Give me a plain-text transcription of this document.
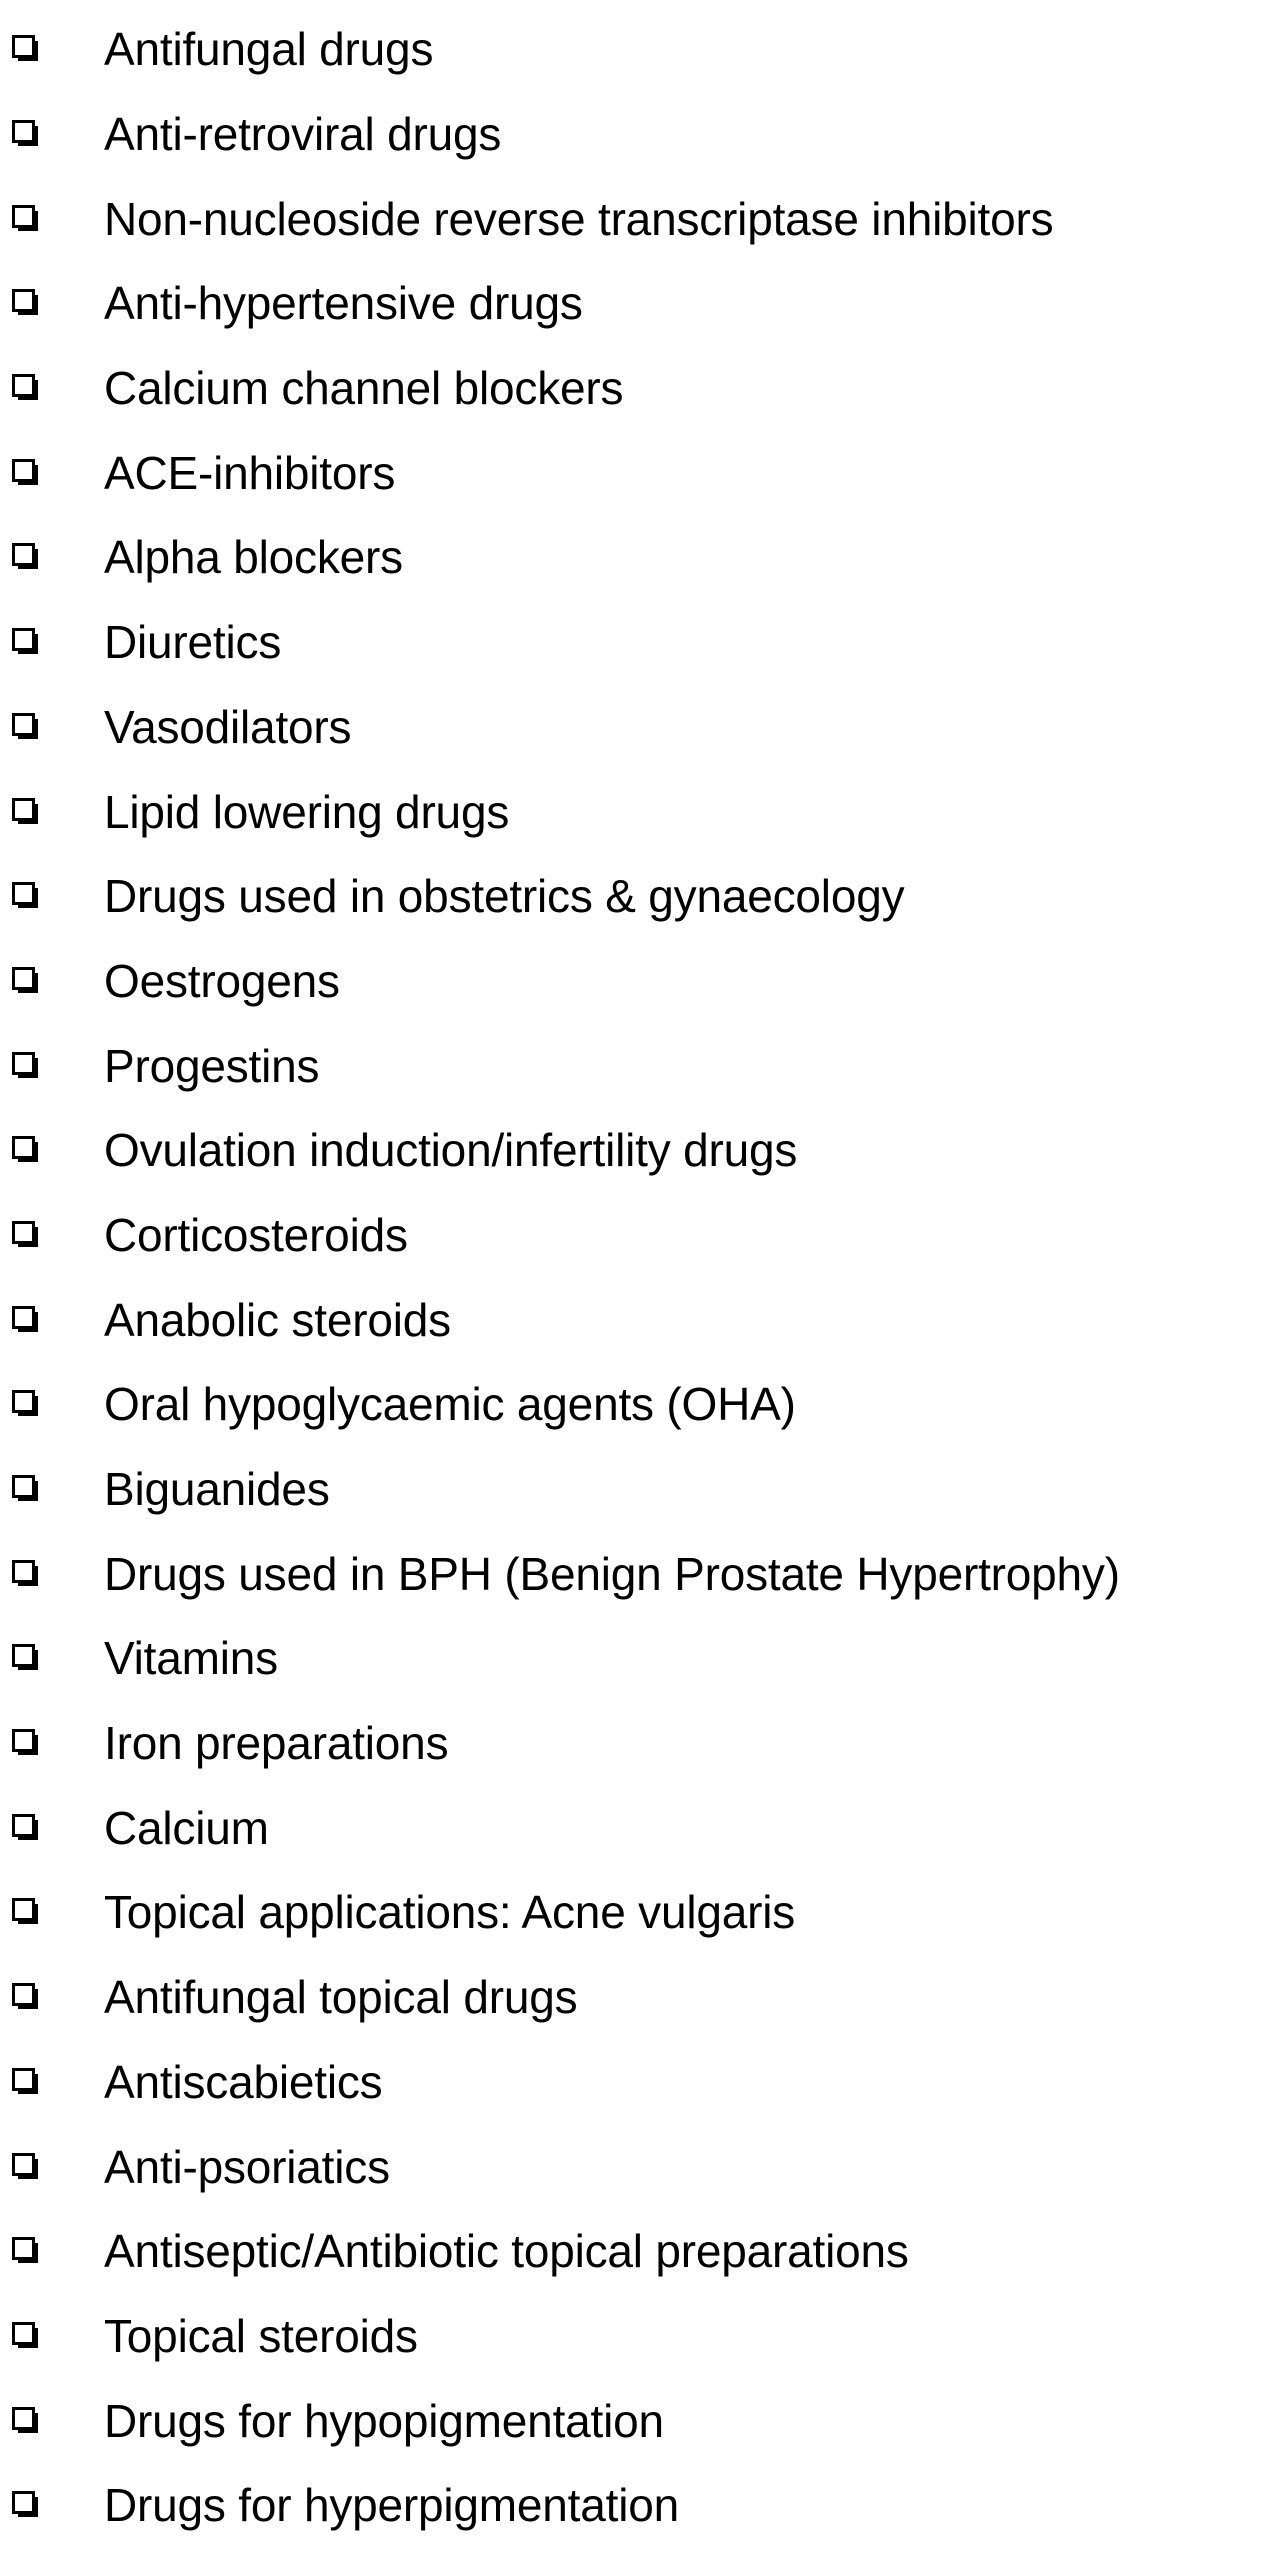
Antifungal drugs
Anti-retroviral drugs
Non-nucleoside reverse transcriptase inhibitors
Anti-hypertensive drugs
Calcium channel blockers
ACE-inhibitors
Alpha blockers
Diuretics
Vasodilators
Lipid lowering drugs
Drugs used in obstetrics & gynaecology
Oestrogens
Progestins
Ovulation induction/infertility drugs
Corticosteroids
Anabolic steroids
Oral hypoglycaemic agents (OHA)
Biguanides
Drugs used in BPH (Benign Prostate Hypertrophy)
Vitamins
Iron preparations
Calcium
Topical applications: Acne vulgaris
Antifungal topical drugs
Antiscabietics
Anti-psoriatics
Antiseptic/Antibiotic topical preparations
Topical steroids
Drugs for hypopigmentation
Drugs for hyperpigmentation
